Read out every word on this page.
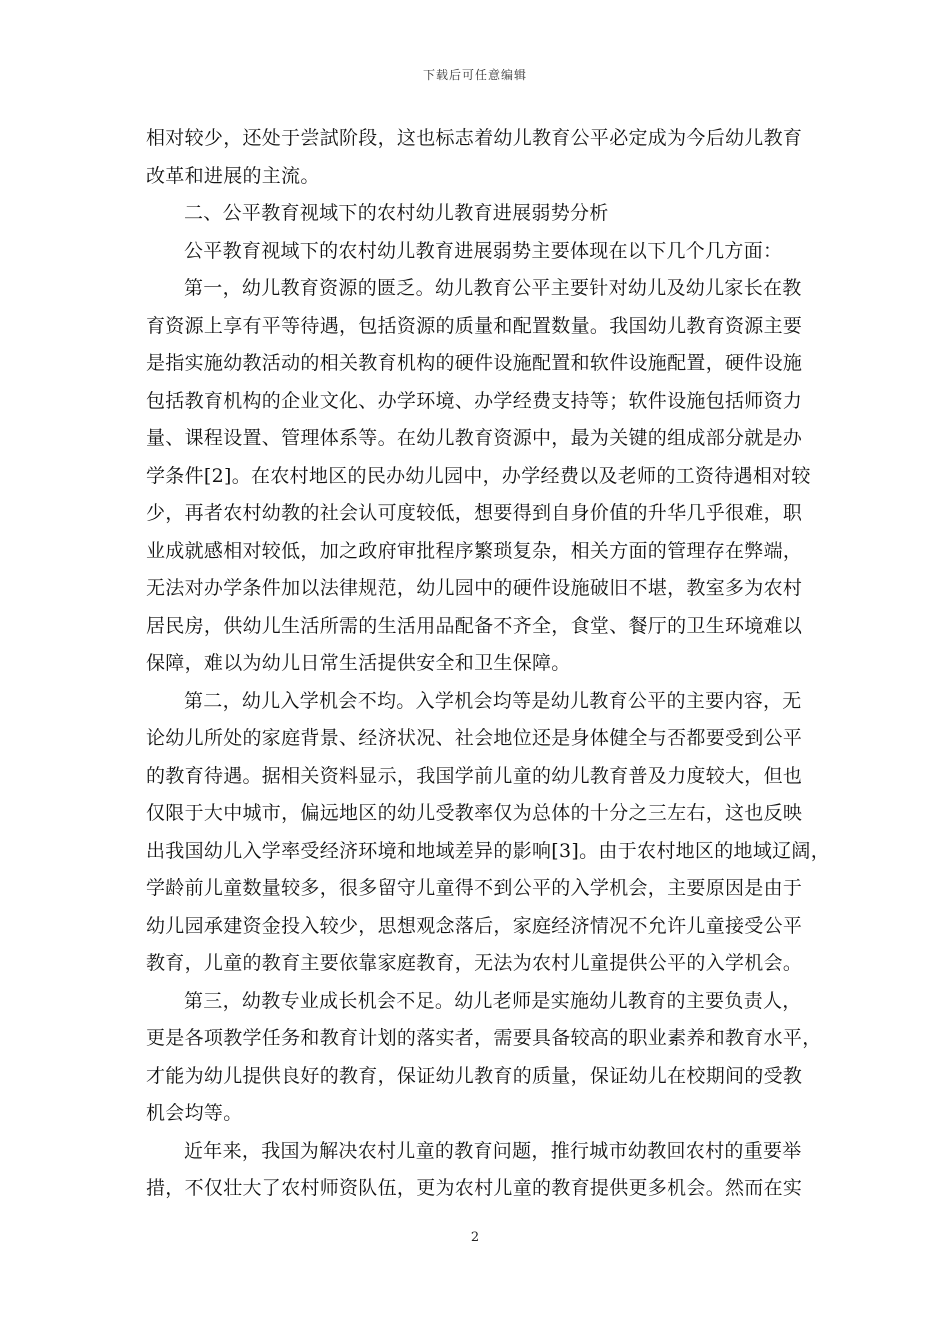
下载后可任意编辑
相对较少，还处于尝試阶段，这也标志着幼儿教育公平必定成为今后幼儿教育
改革和进展的主流。
二、公平教育视域下的农村幼儿教育进展弱势分析
公平教育视域下的农村幼儿教育进展弱势主要体现在以下几个几方面：
第一，幼儿教育资源的匮乏。幼儿教育公平主要针对幼儿及幼儿家长在教
育资源上享有平等待遇，包括资源的质量和配置数量。我国幼儿教育资源主要
是指实施幼教活动的相关教育机构的硬件设施配置和软件设施配置，硬件设施
包括教育机构的企业文化、办学环境、办学经费支持等；软件设施包括师资力
量、课程设置、管理体系等。在幼儿教育资源中，最为关键的组成部分就是办
学条件[2]。在农村地区的民办幼儿园中，办学经费以及老师的工资待遇相对较
少，再者农村幼教的社会认可度较低，想要得到自身价值的升华几乎很难，职
业成就感相对较低，加之政府审批程序繁琐复杂，相关方面的管理存在弊端，
无法对办学条件加以法律规范，幼儿园中的硬件设施破旧不堪，教室多为农村
居民房，供幼儿生活所需的生活用品配备不齐全，食堂、餐厅的卫生环境难以
保障，难以为幼儿日常生活提供安全和卫生保障。
第二，幼儿入学机会不均。入学机会均等是幼儿教育公平的主要内容，无
论幼儿所处的家庭背景、经济状况、社会地位还是身体健全与否都要受到公平
的教育待遇。据相关资料显示，我国学前儿童的幼儿教育普及力度较大，但也
仅限于大中城市，偏远地区的幼儿受教率仅为总体的十分之三左右，这也反映
出我国幼儿入学率受经济环境和地域差异的影响[3]。由于农村地区的地域辽阔，
学龄前儿童数量较多，很多留守儿童得不到公平的入学机会，主要原因是由于
幼儿园承建资金投入较少，思想观念落后，家庭经济情况不允许儿童接受公平
教育，儿童的教育主要依靠家庭教育，无法为农村儿童提供公平的入学机会。
第三，幼教专业成长机会不足。幼儿老师是实施幼儿教育的主要负责人，
更是各项教学任务和教育计划的落实者，需要具备较高的职业素养和教育水平，
才能为幼儿提供良好的教育，保证幼儿教育的质量，保证幼儿在校期间的受教
机会均等。
近年来，我国为解决农村儿童的教育问题，推行城市幼教回农村的重要举
措，不仅壮大了农村师资队伍，更为农村儿童的教育提供更多机会。然而在实
2
